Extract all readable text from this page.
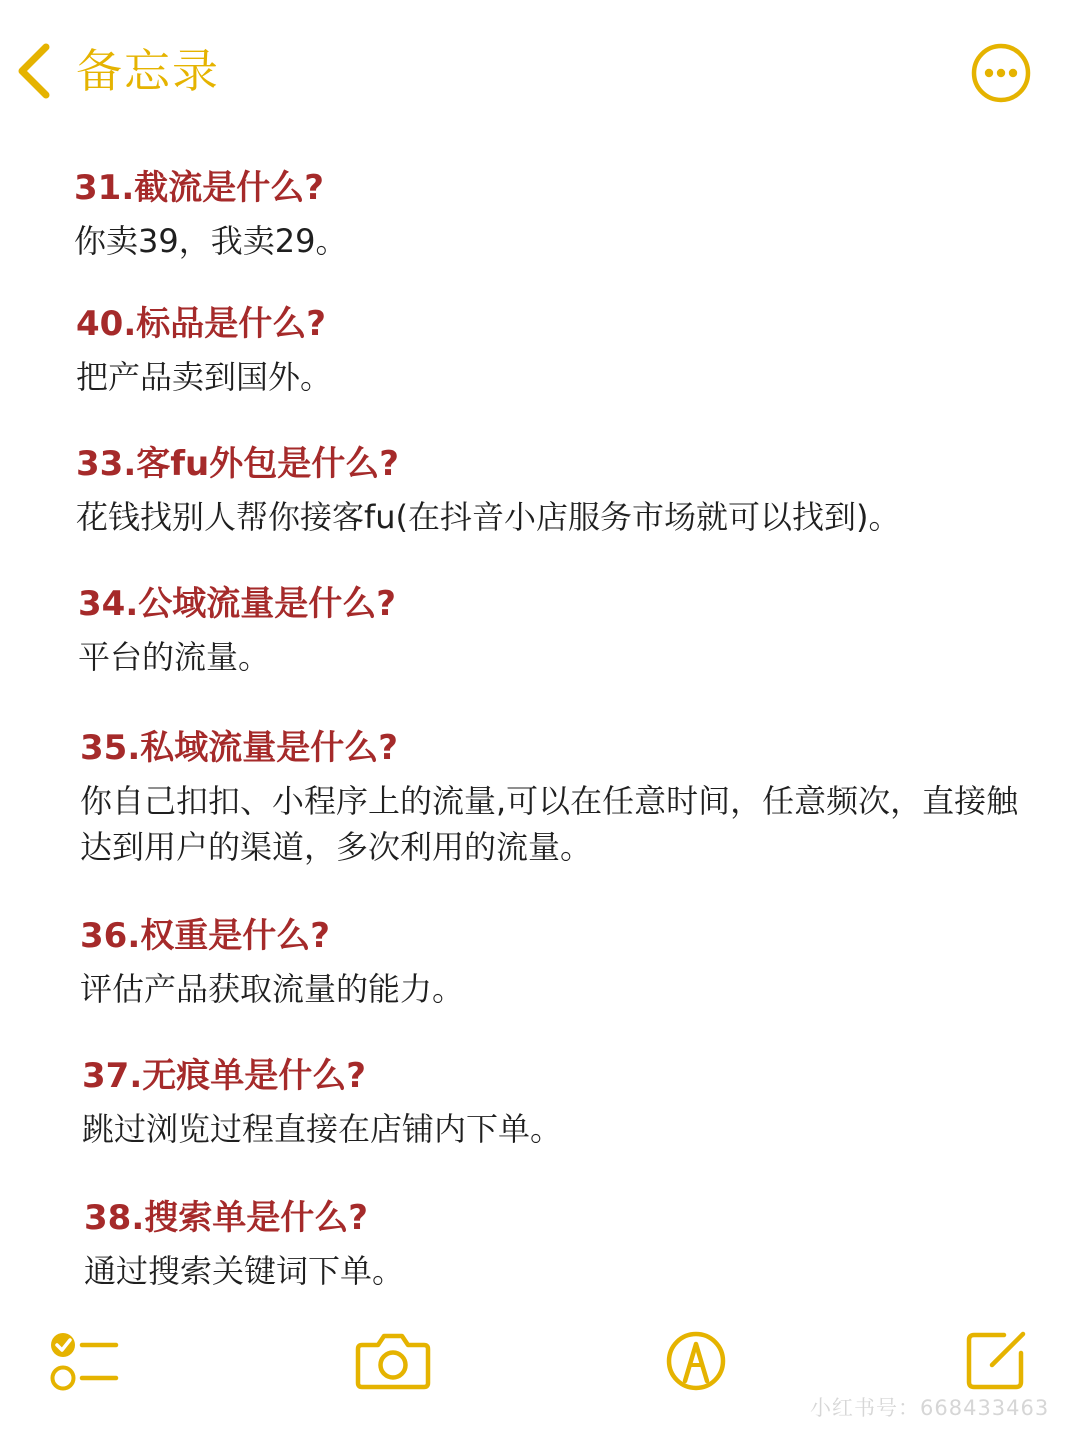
备忘录
31.截流是什么?
你卖39，我卖29。
40.标品是什么?
把产品卖到国外。
33.客fu外包是什么?
花钱找别人帮你接客fu(在抖音小店服务市场就可以找到)。
34.公域流量是什么?
平台的流量。
35.私域流量是什么?
你自己扣扣、小程序上的流量,可以在任意时间，任意频次，直接触达到用户的渠道，多次利用的流量。
36.权重是什么?
评估产品获取流量的能力。
37.无痕单是什么?
跳过浏览过程直接在店铺内下单。
38.搜索单是什么?
通过搜索关键词下单。
小红书号：668433463
